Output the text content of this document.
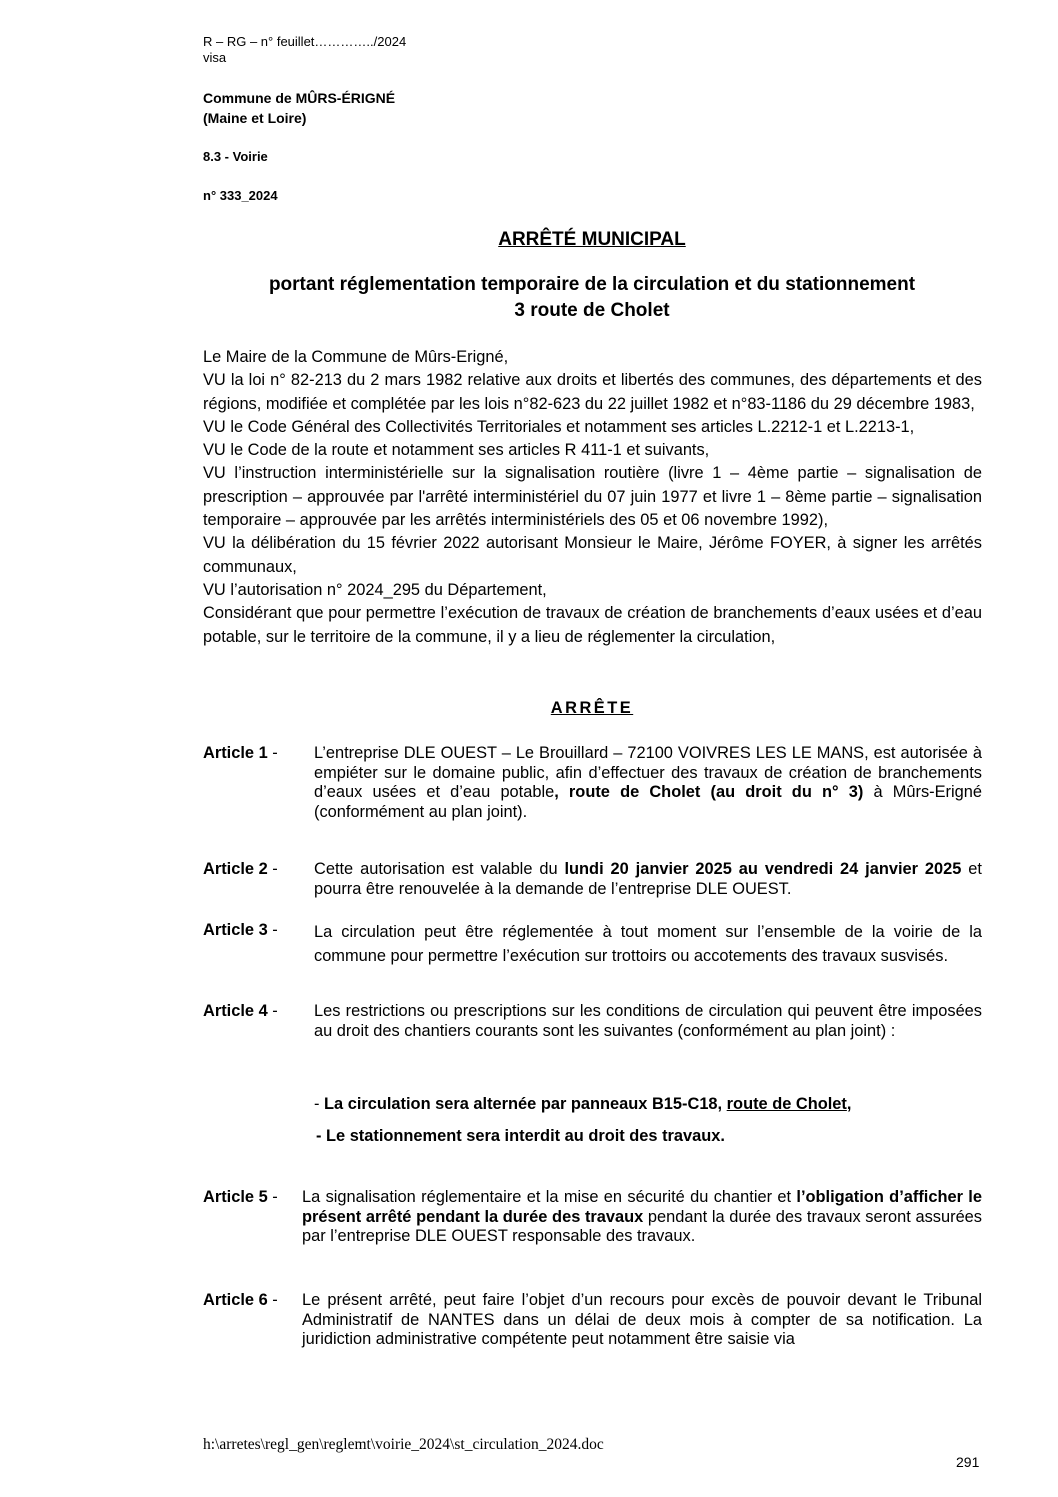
R – RG – n° feuillet…………../2024
visa
Commune de MÛRS-ÉRIGNÉ
(Maine et Loire)
8.3 - Voirie
n° 333_2024
ARRÊTÉ MUNICIPAL
portant réglementation temporaire de la circulation et du stationnement
3 route de Cholet
Le Maire de la Commune de Mûrs-Erigné,
VU la loi n° 82-213 du 2 mars 1982 relative aux droits et libertés des communes, des départements et des régions, modifiée et complétée par les lois n°82-623 du 22 juillet 1982 et n°83-1186 du 29 décembre 1983,
VU le Code Général des Collectivités Territoriales et notamment ses articles L.2212-1 et L.2213-1,
VU le Code de la route et notamment ses articles R 411-1 et suivants,
VU l’instruction interministérielle sur la signalisation routière (livre 1 – 4ème partie – signalisation de prescription – approuvée par l'arrêté interministériel du 07 juin 1977 et livre 1 – 8ème partie – signalisation temporaire – approuvée par les arrêtés interministériels des 05 et 06 novembre 1992),
VU la délibération du 15 février 2022 autorisant Monsieur le Maire, Jérôme FOYER, à signer les arrêtés communaux,
VU l’autorisation n° 2024_295 du Département,
Considérant que pour permettre l’exécution de travaux de création de branchements d’eaux usées et d’eau potable, sur le territoire de la commune, il y a lieu de réglementer la circulation,
ARRÊTE
Article 1 - L’entreprise DLE OUEST – Le Brouillard – 72100 VOIVRES LES LE MANS, est autorisée à empiéter sur le domaine public, afin d’effectuer des travaux de création de branchements d’eaux usées et d’eau potable, route de Cholet (au droit du n° 3) à Mûrs-Erigné (conformément au plan joint).
Article 2 - Cette autorisation est valable du lundi 20 janvier 2025 au vendredi 24 janvier 2025 et pourra être renouvelée à la demande de l’entreprise DLE OUEST.
Article 3 - La circulation peut être réglementée à tout moment sur l’ensemble de la voirie de la commune pour permettre l’exécution sur trottoirs ou accotements des travaux susvisés.
Article 4 - Les restrictions ou prescriptions sur les conditions de circulation qui peuvent être imposées au droit des chantiers courants sont les suivantes (conformément au plan joint) :
- La circulation sera alternée par panneaux B15-C18, route de Cholet,
- Le stationnement sera interdit au droit des travaux.
Article 5 - La signalisation réglementaire et la mise en sécurité du chantier et l’obligation d’afficher le présent arrêté pendant la durée des travaux pendant la durée des travaux seront assurées par l’entreprise DLE OUEST responsable des travaux.
Article 6 - Le présent arrêté, peut faire l’objet d’un recours pour excès de pouvoir devant le Tribunal Administratif de NANTES dans un délai de deux mois à compter de sa notification. La juridiction administrative compétente peut notamment être saisie via
h:\arretes\regl_gen\reglemt\voirie_2024\st_circulation_2024.doc
291
